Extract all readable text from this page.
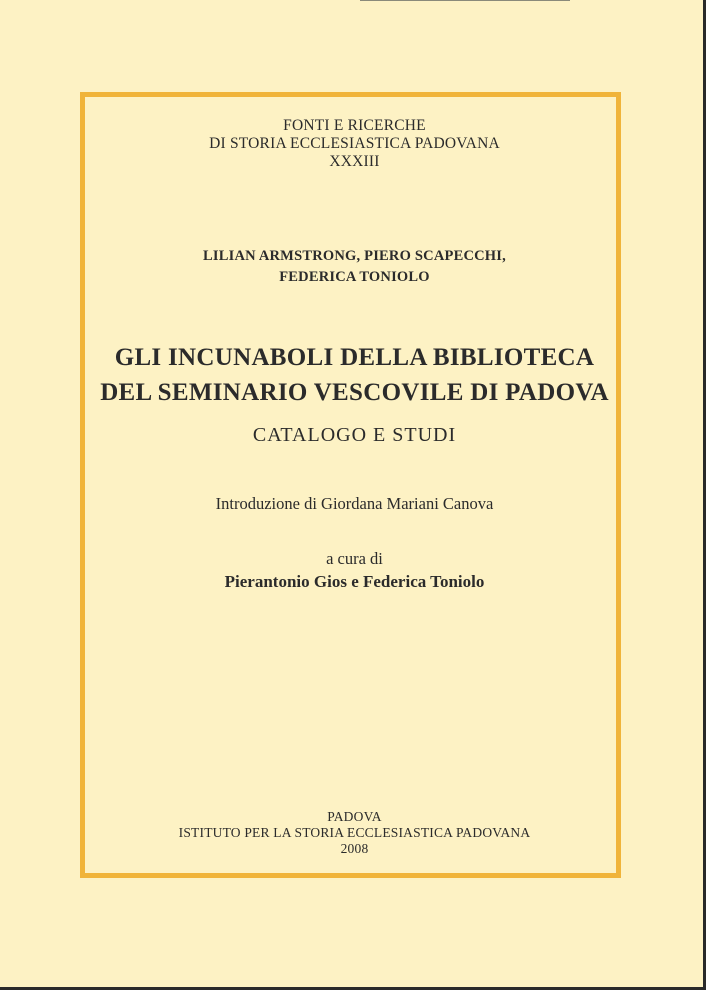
FONTI E RICERCHE
DI STORIA ECCLESIASTICA PADOVANA
XXXIII
LILIAN ARMSTRONG, PIERO SCAPECCHI,
FEDERICA TONIOLO
GLI INCUNABOLI DELLA BIBLIOTECA
DEL SEMINARIO VESCOVILE DI PADOVA
CATALOGO E STUDI
Introduzione di Giordana Mariani Canova
a cura di
Pierantonio Gios e Federica Toniolo
PADOVA
ISTITUTO PER LA STORIA ECCLESIASTICA PADOVANA
2008
